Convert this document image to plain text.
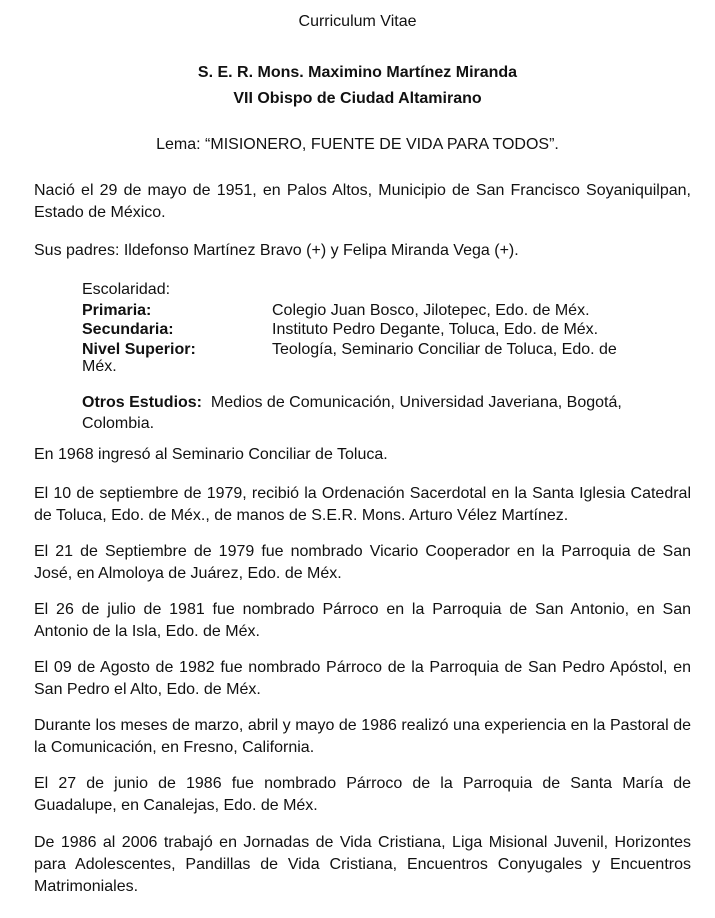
Curriculum Vitae
S. E. R. Mons. Maximino Martínez Miranda
VII Obispo de Ciudad Altamirano
Lema: “MISIONERO, FUENTE DE VIDA PARA TODOS”.

Nació el 29 de mayo de 1951, en Palos Altos, Municipio de San Francisco Soyaniquilpan, Estado de México.

Sus padres: Ildefonso Martínez Bravo (+) y Felipa Miranda Vega (+).

Escolaridad:
Primaria:	Colegio Juan Bosco, Jilotepec, Edo. de Méx.
Secundaria:	Instituto Pedro Degante, Toluca, Edo. de Méx.
Nivel Superior:	Teología, Seminario Conciliar de Toluca, Edo. de
Méx.

Otros Estudios: Medios de Comunicación, Universidad Javeriana, Bogotá, Colombia.

En 1968 ingresó al Seminario Conciliar de Toluca.

El 10 de septiembre de 1979, recibió la Ordenación Sacerdotal en la Santa Iglesia Catedral de Toluca, Edo. de Méx., de manos de S.E.R. Mons. Arturo Vélez Martínez.

El 21 de Septiembre de 1979 fue nombrado Vicario Cooperador en la Parroquia de San José, en Almoloya de Juárez, Edo. de Méx.

El 26 de julio de 1981 fue nombrado Párroco en la Parroquia de San Antonio, en San Antonio de la Isla, Edo. de Méx.

El 09 de Agosto de 1982 fue nombrado Párroco de la Parroquia de San Pedro Apóstol, en San Pedro el Alto, Edo. de Méx.

Durante los meses de marzo, abril y mayo de 1986 realizó una experiencia en la Pastoral de la Comunicación, en Fresno, California.

El 27 de junio de 1986 fue nombrado Párroco de la Parroquia de Santa María de Guadalupe, en Canalejas, Edo. de Méx.

De 1986 al 2006 trabajó en Jornadas de Vida Cristiana, Liga Misional Juvenil, Horizontes para Adolescentes, Pandillas de Vida Cristiana, Encuentros Conyugales y Encuentros Matrimoniales.
